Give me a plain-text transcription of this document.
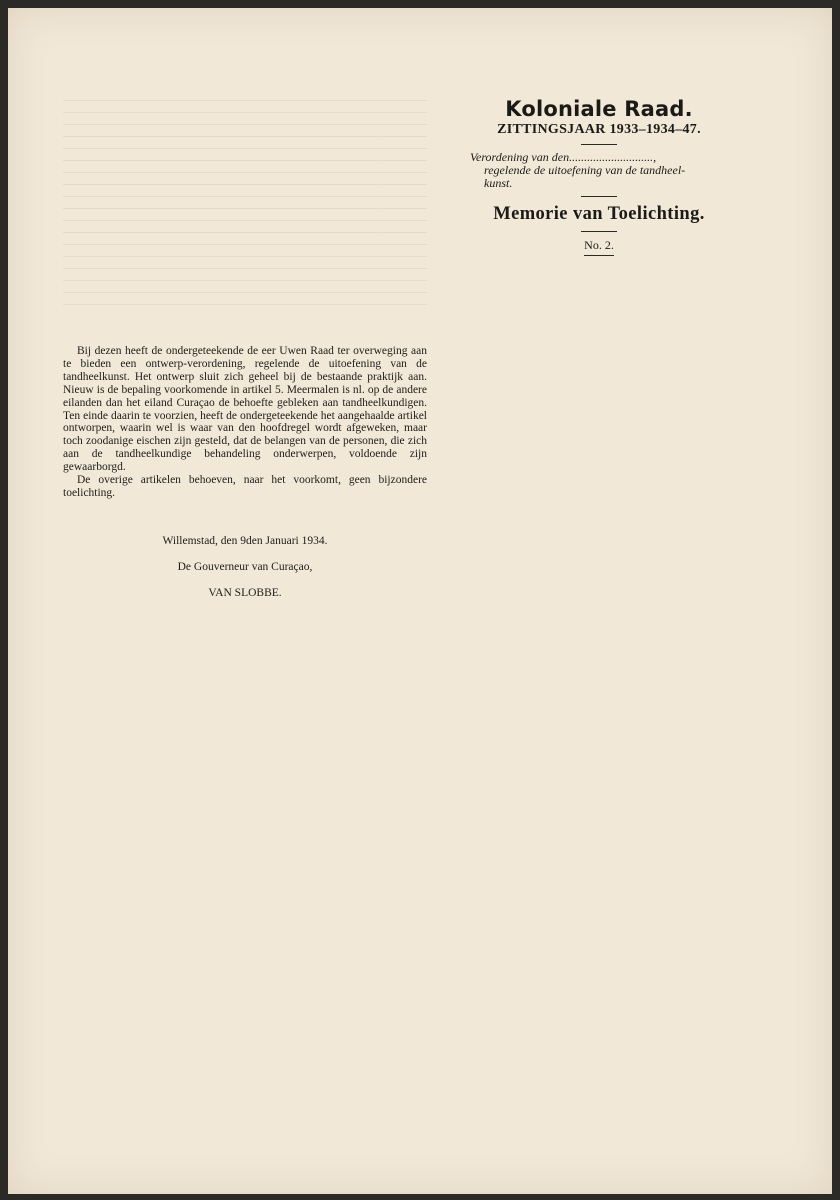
Koloniale Raad.
ZITTINGSJAAR 1933–1934–47.
Verordening van den............................,
regelende de uitoefening van de tandheel-
kunst.
Memorie van Toelichting.
No. 2.

Bij dezen heeft de ondergeteekende de eer Uwen Raad ter overweging aan te bieden een ontwerp-verordening, regelende de uitoefening van de tandheelkunst. Het ontwerp sluit zich geheel bij de bestaande praktijk aan. Nieuw is de bepaling voorkomende in artikel 5. Meermalen is nl. op de andere eilanden dan het eiland Curaçao de behoefte gebleken aan tandheelkundigen. Ten einde daarin te voorzien, heeft de ondergeteekende het aangehaalde artikel ontworpen, waarin wel is waar van den hoofdregel wordt afgeweken, maar toch zoodanige eischen zijn gesteld, dat de belangen van de personen, die zich aan de tandheelkundige behandeling onderwerpen, voldoende zijn gewaarborgd.

De overige artikelen behoeven, naar het voorkomt, geen bijzondere toelichting.

Willemstad, den 9den Januari 1934.
De Gouverneur van Curaçao,
VAN SLOBBE.
